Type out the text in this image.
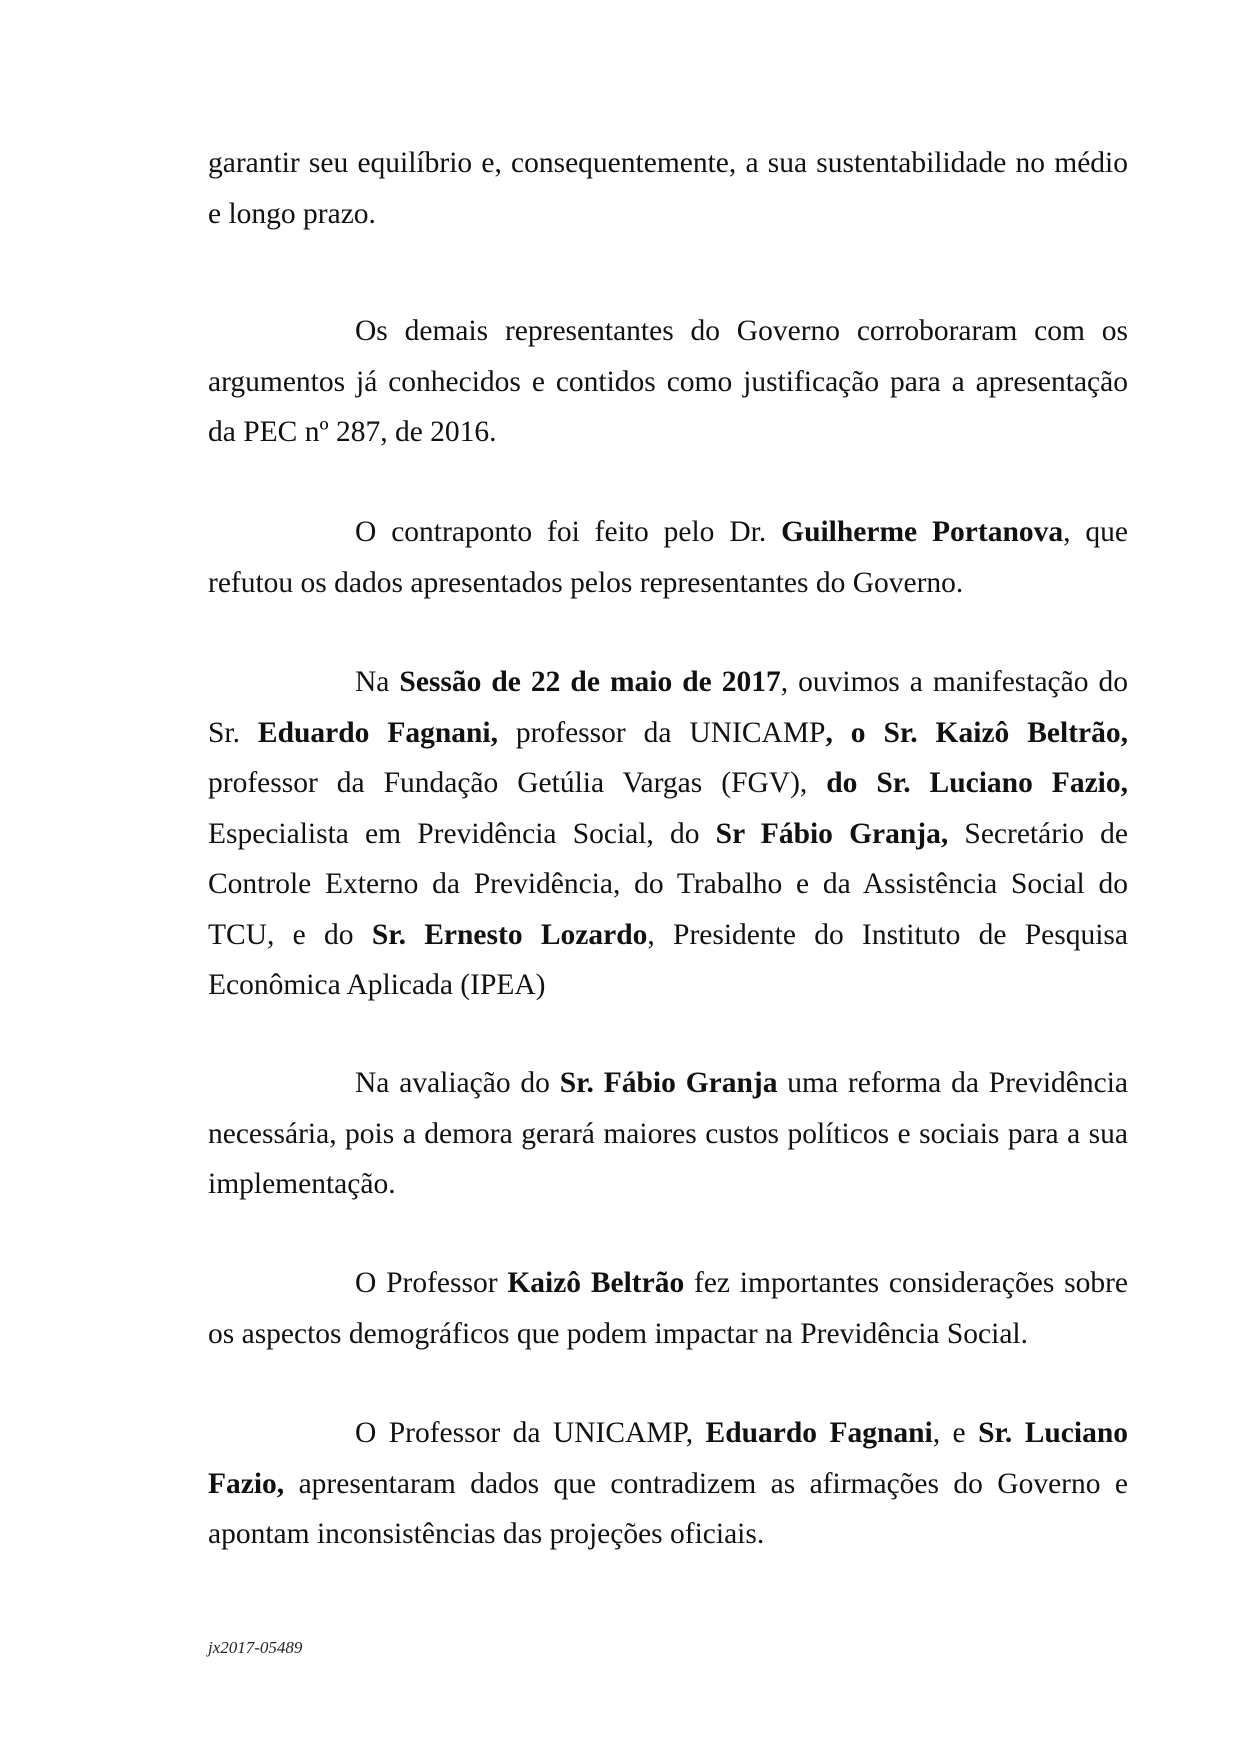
garantir seu equilíbrio e, consequentemente, a sua sustentabilidade no médio e longo prazo.

Os demais representantes do Governo corroboraram com os argumentos já conhecidos e contidos como justificação para a apresentação da PEC nº 287, de 2016.

O contraponto foi feito pelo Dr. Guilherme Portanova, que refutou os dados apresentados pelos representantes do Governo.

Na Sessão de 22 de maio de 2017, ouvimos a manifestação do Sr. Eduardo Fagnani, professor da UNICAMP, o Sr. Kaizô Beltrão, professor da Fundação Getúlia Vargas (FGV), do Sr. Luciano Fazio, Especialista em Previdência Social, do Sr Fábio Granja, Secretário de Controle Externo da Previdência, do Trabalho e da Assistência Social do TCU, e do Sr. Ernesto Lozardo, Presidente do Instituto de Pesquisa Econômica Aplicada (IPEA)

Na avaliação do Sr. Fábio Granja uma reforma da Previdência necessária, pois a demora gerará maiores custos políticos e sociais para a sua implementação.

O Professor Kaizô Beltrão fez importantes considerações sobre os aspectos demográficos que podem impactar na Previdência Social.

O Professor da UNICAMP, Eduardo Fagnani, e Sr. Luciano Fazio, apresentaram dados que contradizem as afirmações do Governo e apontam inconsistências das projeções oficiais.

jx2017-05489
